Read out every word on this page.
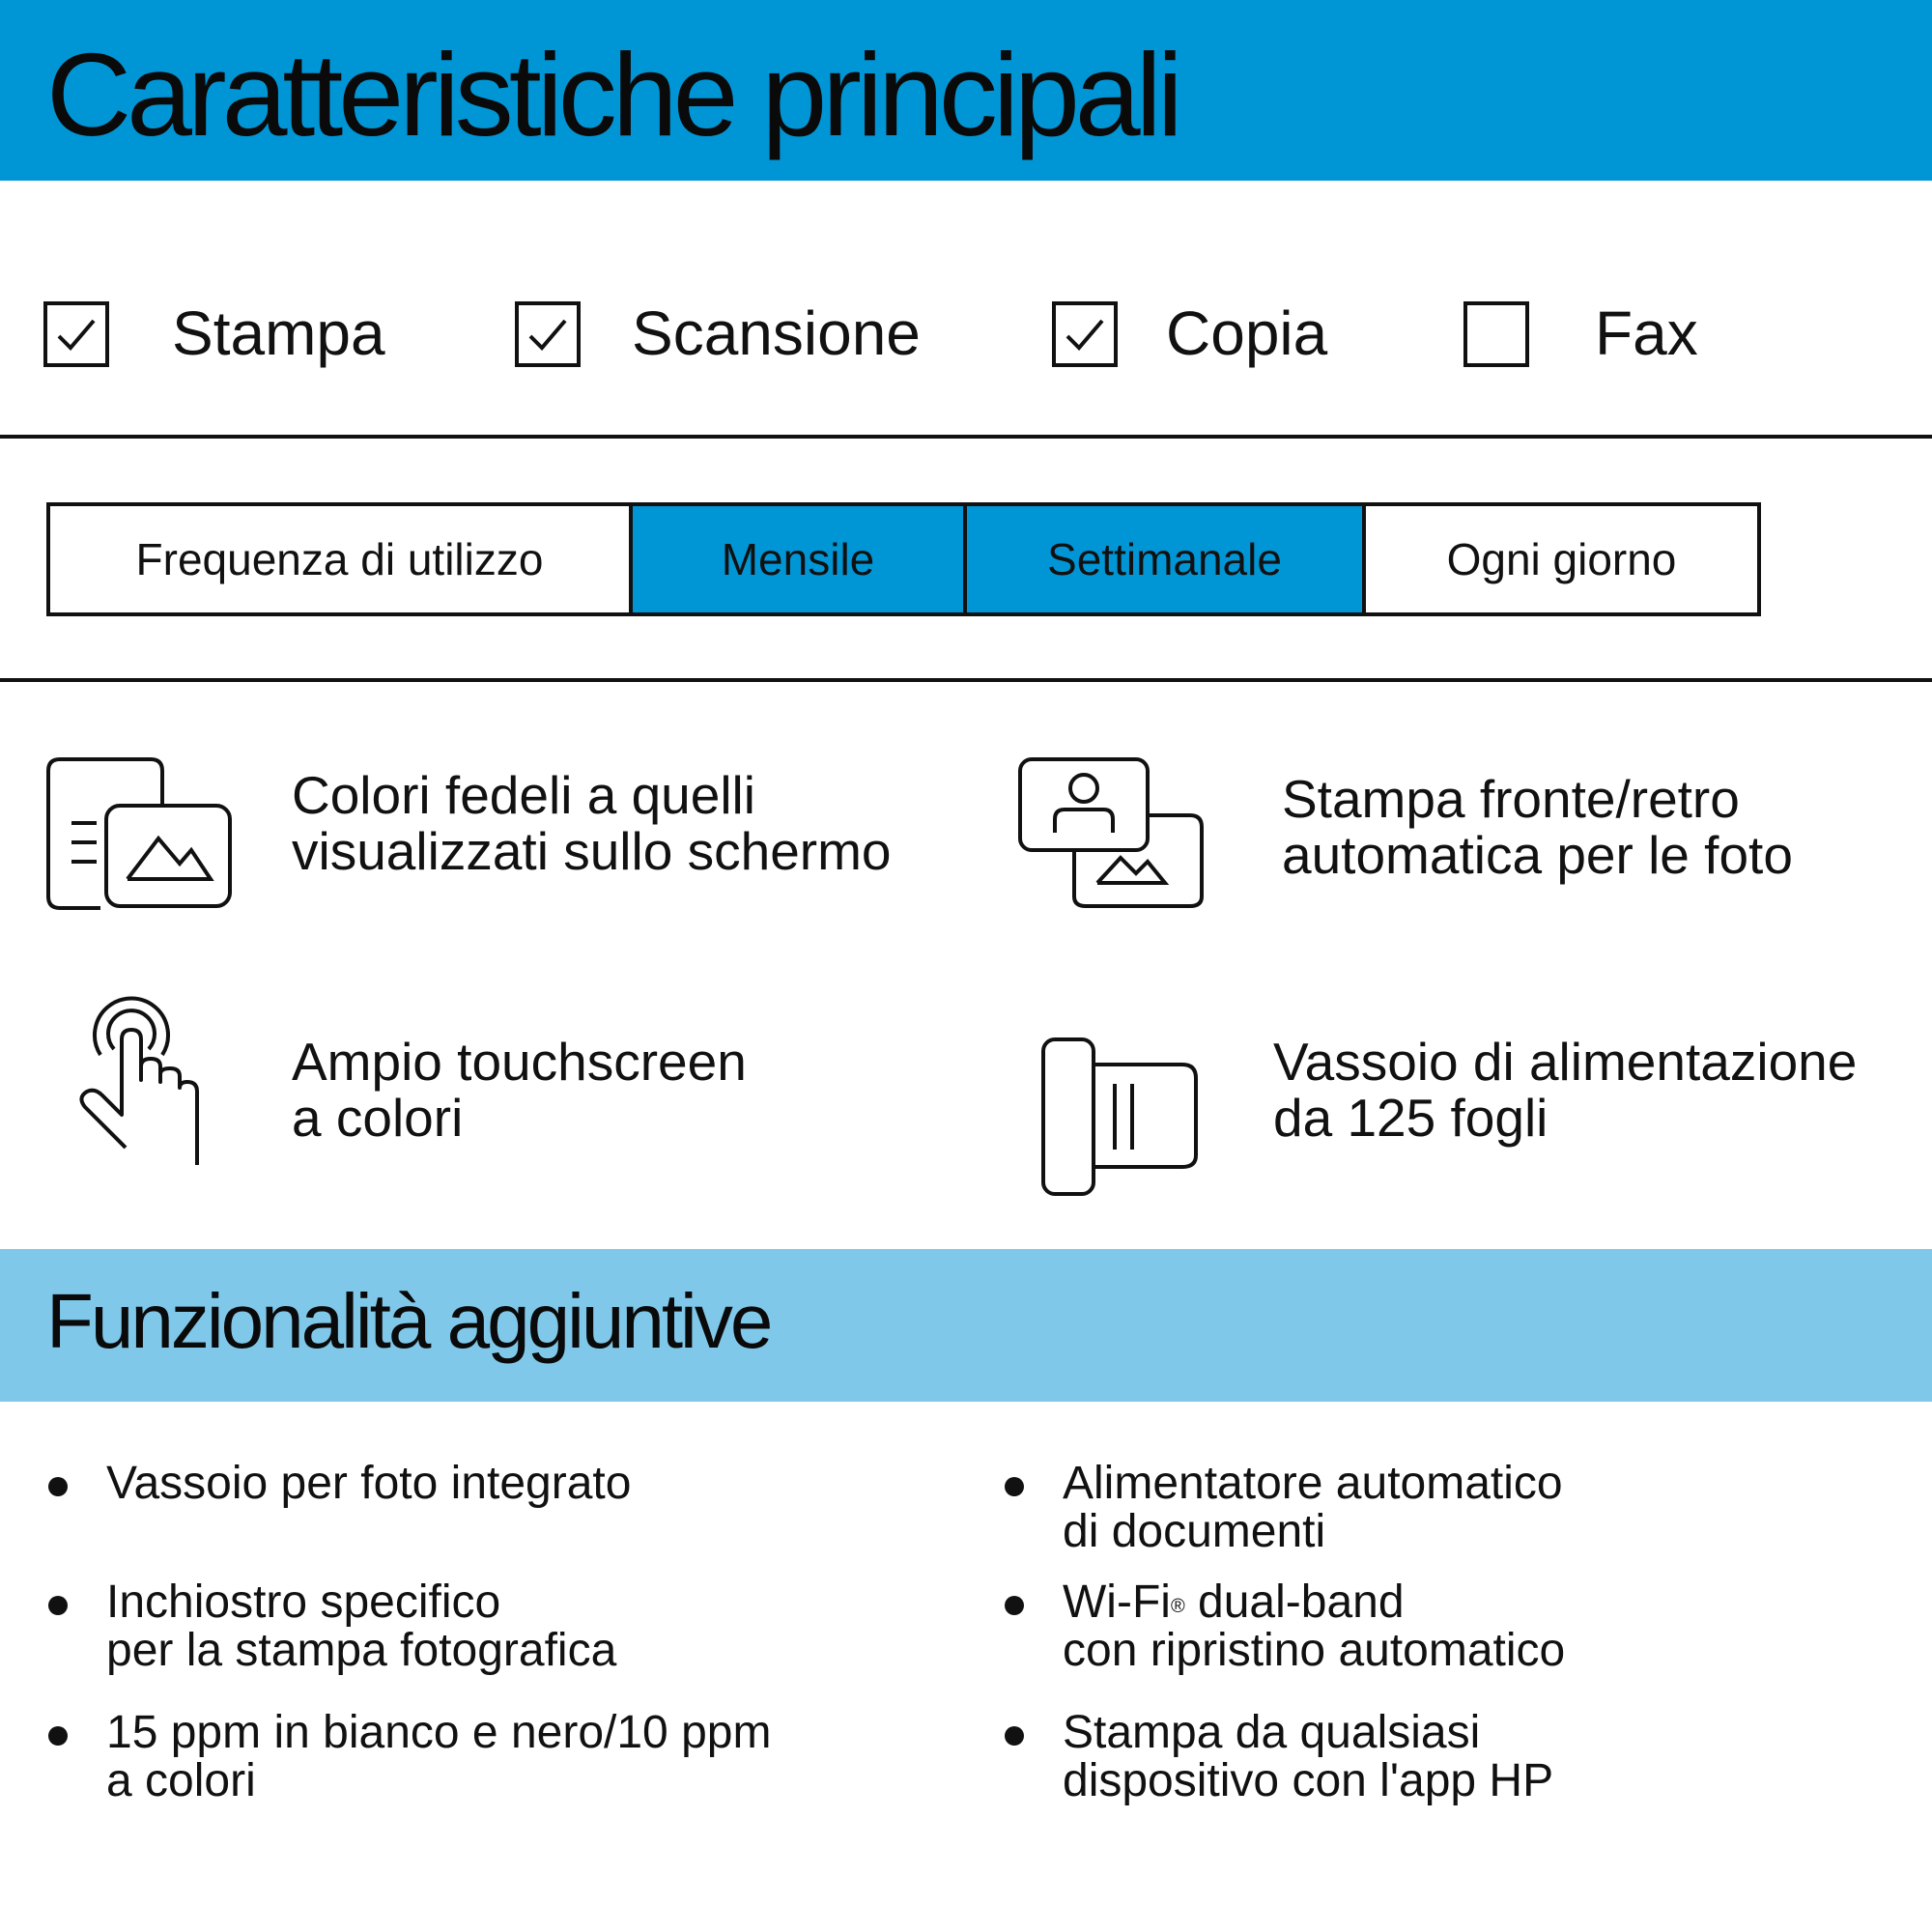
Caratteristiche principali
Stampa	Scansione	Copia	Fax
Frequenza di utilizzo	Mensile	Settimanale	Ogni giorno
Colori fedeli a quelli
visualizzati sullo schermo
Stampa fronte/retro
automatica per le foto
Ampio touchscreen
a colori
Vassoio di alimentazione
da 125 fogli
Funzionalità aggiuntive
Vassoio per foto integrato
Inchiostro specifico
per la stampa fotografica
15 ppm in bianco e nero/10 ppm
a colori
Alimentatore automatico
di documenti
Wi-Fi® dual-band
con ripristino automatico
Stampa da qualsiasi
dispositivo con l'app HP
